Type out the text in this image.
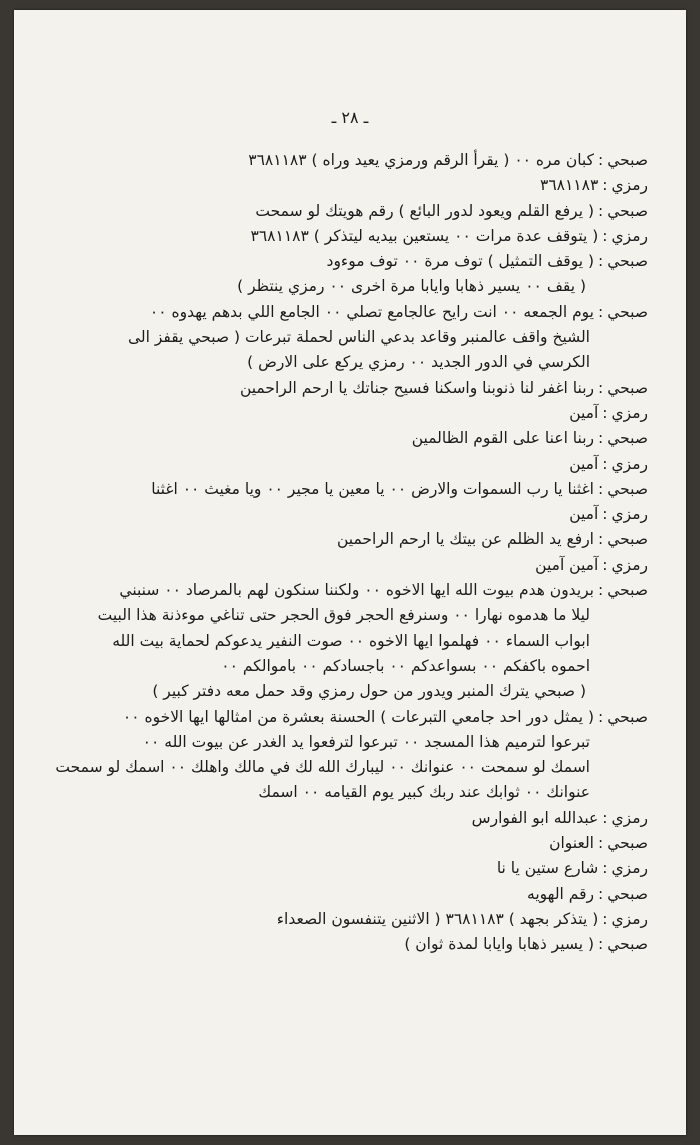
ـ ٢٨ ـ
صبحي:كبان مره ٠٠ ( يقرأ الرقم ورمزي يعيد وراه ) ٣٦٨١١٨٣
رمزي:٣٦٨١١٨٣
صبحي:( يرفع القلم ويعود لدور البائع ) رقم هويتك لو سمحت
رمزي:( يتوقف عدة مرات ٠٠ يستعين بيديه ليتذكر ) ٣٦٨١١٨٣
صبحي:( يوقف التمثيل ) توف مرة ٠٠ توف موءود
( يقف ٠٠ يسير ذهابا وايابا مرة اخرى ٠٠ رمزي ينتظر )
صبحي:يوم الجمعه ٠٠ انت رايح عالجامع تصلي ٠٠ الجامع اللي بدهم يهدوه ٠٠
الشيخ واقف عالمنبر وقاعد بدعي الناس لحملة تبرعات ( صبحي يقفز الى
الكرسي في الدور الجديد ٠٠ رمزي يركع على الارض )
صبحي:ربنا اغفر لنا ذنوبنا واسكنا فسيح جناتك يا ارحم الراحمين
رمزي:آمين
صبحي:ربنا اعنا على القوم الظالمين
رمزي:آمين
صبحي:اغثنا يا رب السموات والارض ٠٠ يا معين يا مجير ٠٠ ويا مغيث ٠٠ اغثنا
رمزي:آمين
صبحي:ارفع يد الظلم عن بيتك يا ارحم الراحمين
رمزي:آمين آمين
صبحي:بريدون هدم بيوت الله ايها الاخوه ٠٠ ولكننا سنكون لهم بالمرصاد ٠٠ سنبني
ليلا ما هدموه نهارا ٠٠ وسنرفع الحجر فوق الحجر حتى تناغي موءذنة هذا البيت
ابواب السماء ٠٠ فهلموا ايها الاخوه ٠٠ صوت النفير يدعوكم لحماية بيت الله
احموه باكفكم ٠٠ بسواعدكم ٠٠ باجسادكم ٠٠ باموالكم ٠٠
( صبحي يترك المنبر ويدور من حول رمزي وقد حمل معه دفتر كبير )
صبحي:( يمثل دور احد جامعي التبرعات ) الحسنة بعشرة من امثالها ايها الاخوه ٠٠
تبرعوا لترميم هذا المسجد ٠٠ تبرعوا لترفعوا يد الغدر عن بيوت الله ٠٠
اسمك لو سمحت ٠٠ عنوانك ٠٠ ليبارك الله لك في مالك واهلك ٠٠ اسمك لو سمحت
عنوانك ٠٠ ثوابك عند ربك كبير يوم القيامه ٠٠ اسمك
رمزي:عبدالله ابو الفوارس
صبحي:العنوان
رمزي:شارع ستين يا نا
صبحي:رقم الهويه
رمزي:( يتذكر بجهد ) ٣٦٨١١٨٣ ( الاثنين يتنفسون الصعداء
صبحي:( يسير ذهابا وايابا لمدة ثوان )
